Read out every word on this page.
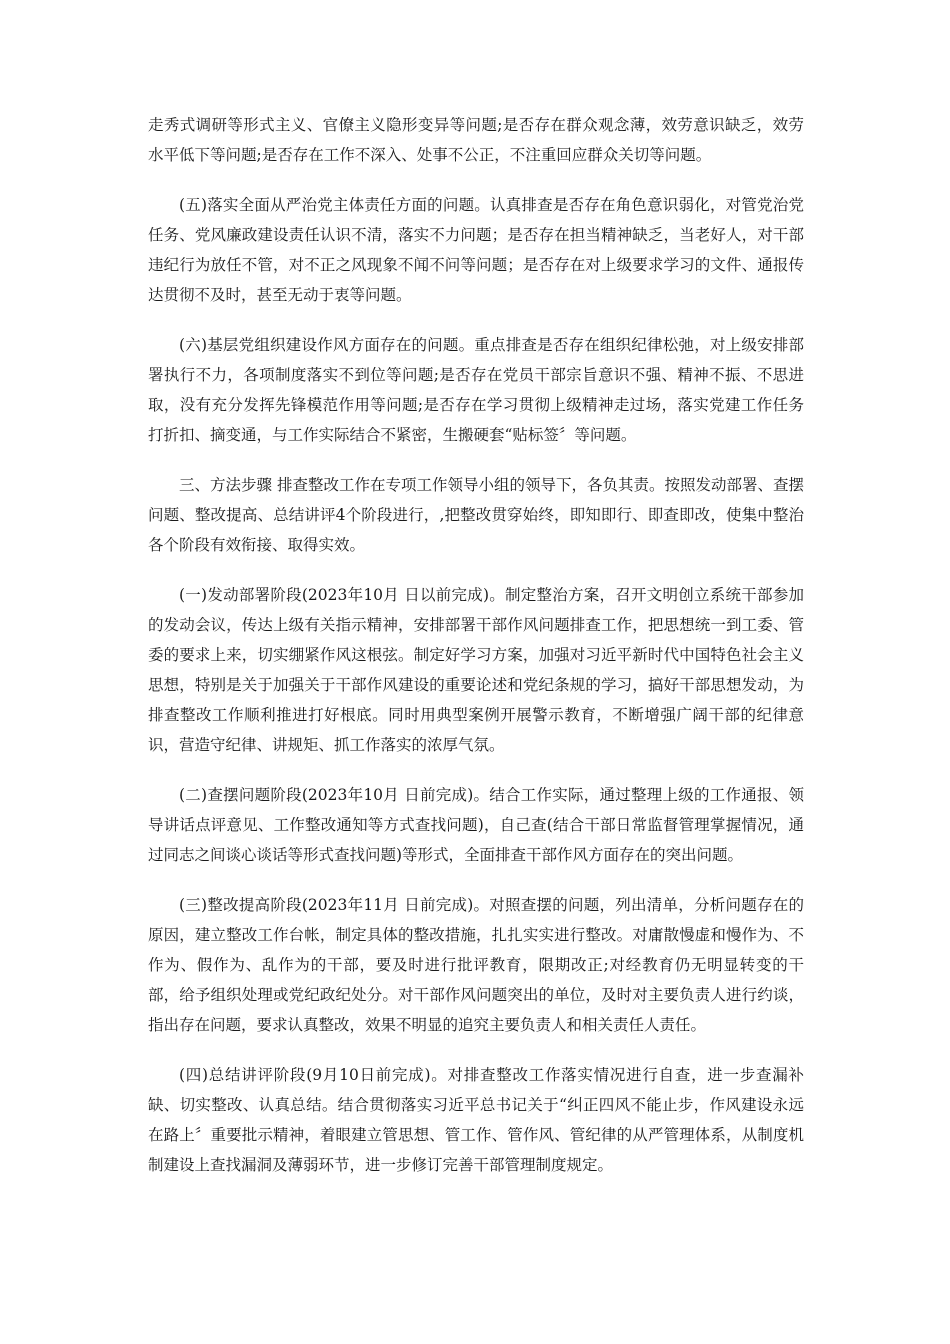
走秀式调研等形式主义、官僚主义隐形变异等问题;是否存在群众观念薄，效劳意识缺乏，效劳水平低下等问题;是否存在工作不深入、处事不公正，不注重回应群众关切等问题。

(五)落实全面从严治党主体责任方面的问题。认真排查是否存在角色意识弱化，对管党治党任务、党风廉政建设责任认识不清，落实不力问题；是否存在担当精神缺乏，当老好人，对干部违纪行为放任不管，对不正之风现象不闻不问等问题；是否存在对上级要求学习的文件、通报传达贯彻不及时，甚至无动于衷等问题。

(六)基层党组织建设作风方面存在的问题。重点排查是否存在组织纪律松弛，对上级安排部署执行不力，各项制度落实不到位等问题;是否存在党员干部宗旨意识不强、精神不振、不思进取，没有充分发挥先锋模范作用等问题;是否存在学习贯彻上级精神走过场，落实党建工作任务打折扣、摘变通，与工作实际结合不紧密，生搬硬套“贴标签〞等问题。

三、方法步骤 排查整改工作在专项工作领导小组的领导下，各负其责。按照发动部署、查摆问题、整改提高、总结讲评4个阶段进行，,把整改贯穿始终，即知即行、即查即改，使集中整治各个阶段有效衔接、取得实效。

(一)发动部署阶段(2023年10月 日以前完成)。制定整治方案，召开文明创立系统干部参加的发动会议，传达上级有关指示精神，安排部署干部作风问题排查工作，把思想统一到工委、管委的要求上来，切实绷紧作风这根弦。制定好学习方案，加强对习近平新时代中国特色社会主义思想，特别是关于加强关于干部作风建设的重要论述和党纪条规的学习，搞好干部思想发动，为排查整改工作顺利推进打好根底。同时用典型案例开展警示教育，不断增强广阔干部的纪律意识，营造守纪律、讲规矩、抓工作落实的浓厚气氛。

(二)查摆问题阶段(2023年10月 日前完成)。结合工作实际，通过整理上级的工作通报、领导讲话点评意见、工作整改通知等方式查找问题)，自己查(结合干部日常监督管理掌握情况，通过同志之间谈心谈话等形式查找问题)等形式，全面排查干部作风方面存在的突出问题。

(三)整改提高阶段(2023年11月 日前完成)。对照查摆的问题，列出清单，分析问题存在的原因，建立整改工作台帐，制定具体的整改措施，扎扎实实进行整改。对庸散慢虚和慢作为、不作为、假作为、乱作为的干部，要及时进行批评教育，限期改正;对经教育仍无明显转变的干部，给予组织处理或党纪政纪处分。对干部作风问题突出的单位，及时对主要负责人进行约谈，指出存在问题，要求认真整改，效果不明显的追究主要负责人和相关责任人责任。

(四)总结讲评阶段(9月10日前完成)。对排查整改工作落实情况进行自查，进一步查漏补缺、切实整改、认真总结。结合贯彻落实习近平总书记关于“纠正四风不能止步，作风建设永远在路上〞重要批示精神，着眼建立管思想、管工作、管作风、管纪律的从严管理体系，从制度机制建设上查找漏洞及薄弱环节，进一步修订完善干部管理制度规定。
